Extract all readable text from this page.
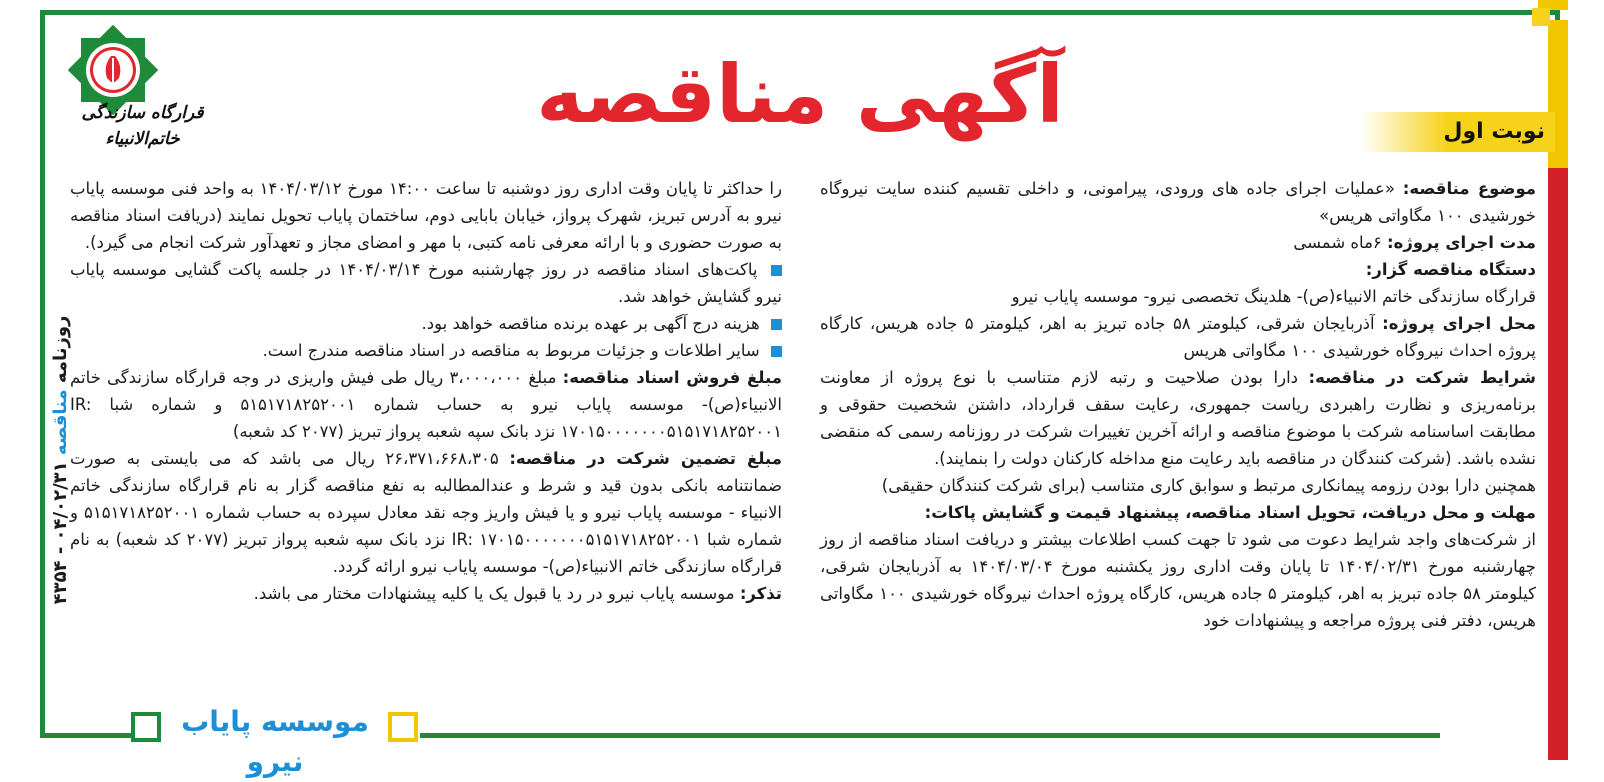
قرارگاه سازندگی خاتم‌الانبیاء	آگهی مناقصه	نوبت اول

موضوع مناقصه: «عملیات اجرای جاده های ورودی، پیرامونی، و داخلی تقسیم کننده سایت نیروگاه خورشیدی ۱۰۰ مگاواتی هریس»

مدت اجرای پروژه: ۶ماه شمسی

دستگاه مناقصه گزار:

قرارگاه سازندگی خاتم الانبیاء(ص)- هلدینگ تخصصی نیرو- موسسه پایاب نیرو

محل اجرای پروژه: آذربایجان شرقی، کیلومتر ۵۸ جاده تبریز به اهر، کیلومتر ۵ جاده هریس، کارگاه پروژه احداث نیروگاه خورشیدی ۱۰۰ مگاواتی هریس

شرایط شرکت در مناقصه: دارا بودن صلاحیت و رتبه لازم متناسب با نوع پروژه از معاونت برنامه‌ریزی و نظارت راهبردی ریاست جمهوری، رعایت سقف قرارداد، داشتن شخصیت حقوقی و مطابقت اساسنامه شرکت با موضوع مناقصه و ارائه آخرین تغییرات شرکت در روزنامه رسمی که منقضی نشده باشد. (شرکت کنندگان در مناقصه باید رعایت منع مداخله کارکنان دولت را بنمایند).

همچنین دارا بودن رزومه پیمانکاری مرتبط و سوابق کاری متناسب (برای شرکت کنندگان حقیقی)

مهلت و محل دریافت، تحویل اسناد مناقصه، پیشنهاد قیمت و گشایش پاکات:

از شرکت‌های واجد شرایط دعوت می شود تا جهت کسب اطلاعات بیشتر و دریافت اسناد مناقصه از روز چهارشنبه مورخ ۱۴۰۴/۰۲/۳۱ تا پایان وقت اداری روز یکشنبه مورخ ۱۴۰۴/۰۳/۰۴ به آذربایجان شرقی، کیلومتر ۵۸ جاده تبریز به اهر، کیلومتر ۵ جاده هریس، کارگاه پروژه احداث نیروگاه خورشیدی ۱۰۰ مگاواتی هریس، دفتر فنی پروژه مراجعه و پیشنهادات خود

را حداکثر تا پایان وقت اداری روز دوشنبه تا ساعت ۱۴:۰۰ مورخ ۱۴۰۴/۰۳/۱۲ به واحد فنی موسسه پایاب نیرو به آدرس تبریز، شهرک پرواز، خیابان بابایی دوم، ساختمان پایاب تحویل نمایند (دریافت اسناد مناقصه به صورت حضوری و با ارائه معرفی نامه کتبی، با مهر و امضای مجاز و تعهدآور شرکت انجام می گیرد).

پاکت‌های اسناد مناقصه در روز چهارشنبه مورخ ۱۴۰۴/۰۳/۱۴ در جلسه پاکت گشایی موسسه پایاب نیرو گشایش خواهد شد.

هزینه درج آگهی بر عهده برنده مناقصه خواهد بود.

سایر اطلاعات و جزئیات مربوط به مناقصه در اسناد مناقصه مندرج است.

مبلغ فروش اسناد مناقصه: مبلغ ۳،۰۰۰،۰۰۰ ریال طی فیش واریزی در وجه قرارگاه سازندگی خاتم الانبیاء(ص)- موسسه پایاب نیرو به حساب شماره ۵۱۵۱۷۱۸۲۵۲۰۰۱ و شماره شبا IR: ۱۷۰۱۵۰۰۰۰۰۰۰۵۱۵۱۷۱۸۲۵۲۰۰۱ نزد بانک سپه شعبه پرواز تبریز (۲۰۷۷ کد شعبه)

مبلغ تضمین شرکت در مناقصه: ۲۶،۳۷۱،۶۶۸،۳۰۵ ریال می باشد که می بایستی به صورت ضمانتنامه بانکی بدون قید و شرط و عندالمطالبه به نفع مناقصه گزار به نام قرارگاه سازندگی خاتم الانبیاء - موسسه پایاب نیرو و یا فیش واریز وجه نقد معادل سپرده به حساب شماره ۵۱۵۱۷۱۸۲۵۲۰۰۱ و شماره شبا IR: ۱۷۰۱۵۰۰۰۰۰۰۰۵۱۵۱۷۱۸۲۵۲۰۰۱ نزد بانک سپه شعبه پرواز تبریز (۲۰۷۷ کد شعبه) به نام قرارگاه سازندگی خاتم الانبیاء(ص)- موسسه پایاب نیرو ارائه گردد.

تذکر: موسسه پایاب نیرو در رد یا قبول یک یا کلیه پیشنهادات مختار می باشد.

روزنامه مناقصه ۰۴/۰۲/۳۱ - ۴۳۵۴
موسسه پایاب نیرو
